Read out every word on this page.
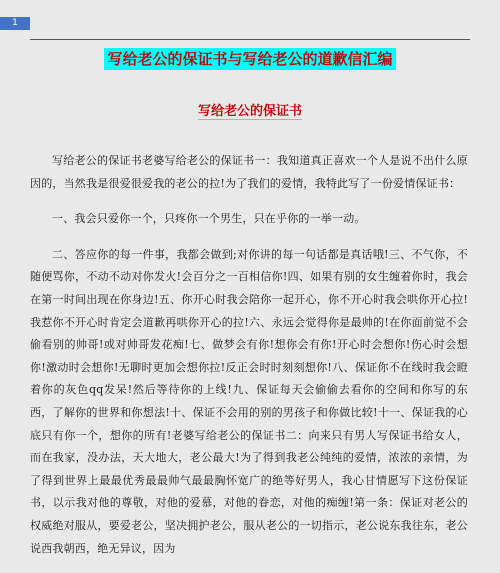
1
写给老公的保证书与写给老公的道歉信汇编
写给老公的保证书

写给老公的保证书老婆写给老公的保证书一：我知道真正喜欢一个人是说不出什么原因的，当然我是很爱很爱我的老公的拉!为了我们的爱情，我特此写了一份爱情保证书：

一、我会只爱你一个，只疼你一个男生，只在乎你的一举一动。

二、答应你的每一件事，我都会做到;对你讲的每一句话都是真话哦!三、不气你，不随便骂你，不动不动对你发火!会百分之一百相信你!四、如果有别的女生缠着你时，我会在第一时间出现在你身边!五、你开心时我会陪你一起开心，你不开心时我会哄你开心拉!我惹你不开心时肯定会道歉再哄你开心的拉!六、永远会觉得你是最帅的!在你面前觉不会偷看别的帅哥!或对帅哥发花痴!七、做梦会有你!想你会有你!开心时会想你!伤心时会想你!激动时会想你!无聊时更加会想你拉!反正会时时刻刻想你!八、保证你不在线时我会瞪着你的灰色qq发呆!然后等待你的上线!九、保证每天会偷偷去看你的空间和你写的东西，了解你的世界和你想法!十、保证不会用的别的男孩子和你做比较!十一、保证我的心底只有你一个，想你的所有!老婆写给老公的保证书二：向来只有男人写保证书给女人，而在我家，没办法，天大地大，老公最大!为了得到我老公纯纯的爱情，浓浓的亲情，为了得到世界上最最优秀最最帅气最最胸怀宽广的绝等好男人，我心甘情愿写下这份保证书，以示我对他的尊敬，对他的爱慕，对他的眷恋，对他的痴缠!第一条：保证对老公的权威绝对服从，要爱老公，坚决拥护老公，服从老公的一切指示，老公说东我往东，老公说西我朝西，绝无异议，因为
